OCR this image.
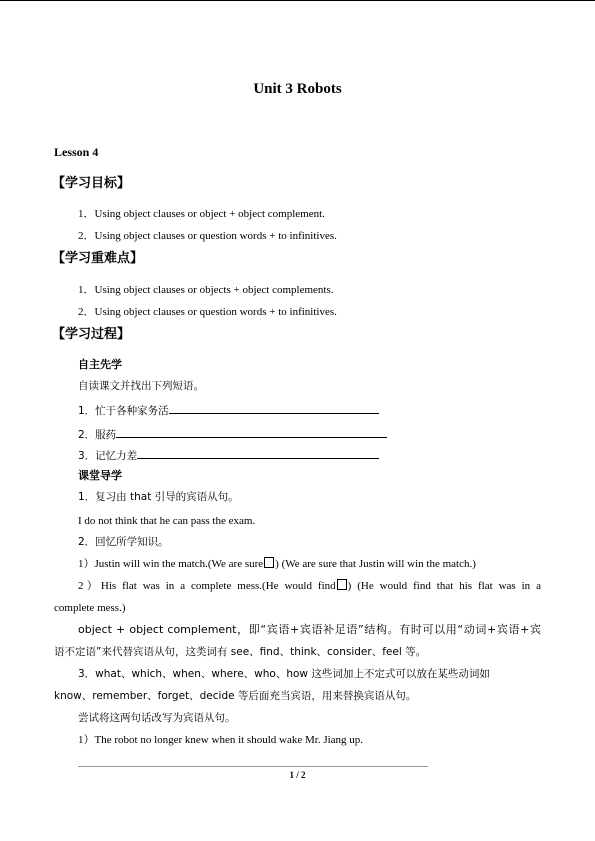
Unit 3 Robots
Lesson 4
【学习目标】
1．Using object clauses or object + object complement.
2．Using object clauses or question words + to infinitives.
【学习重难点】
1．Using object clauses or objects + object complements.
2．Using object clauses or question words + to infinitives.
【学习过程】
自主先学
自读课文并找出下列短语。
1．忙于各种家务活
2．服药
3．记忆力差
课堂导学
1．复习由 that 引导的宾语从句。
I do not think that he can pass the exam.
2．回忆所学知识。
1）Justin will win the match.(We are sure ) (We are sure that Justin will win the match.)
2）His flat was in a complete mess.(He would find ) (He would find that his flat was in a
complete mess.)
object + object complement，即“宾语+宾语补足语”结构。有时可以用“动词+宾语+宾
语不定语”来代替宾语从句，这类词有 see、find、think、consider、feel 等。
3．what、which、when、where、who、how 这些词加上不定式可以放在某些动词如
know、remember、forget、decide 等后面充当宾语，用来替换宾语从句。
尝试将这两句话改写为宾语从句。
1）The robot no longer knew when it should wake Mr. Jiang up.
1 / 2
